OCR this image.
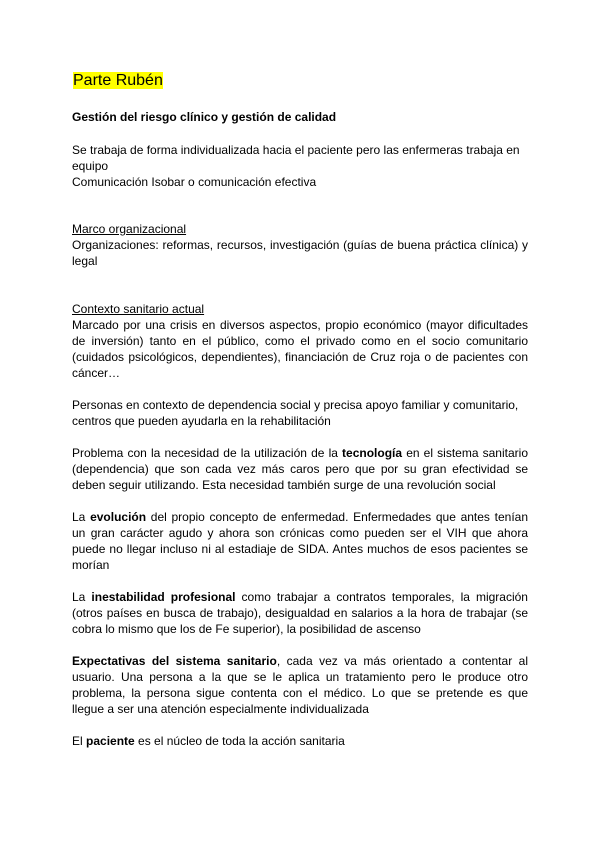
Parte Rubén

Gestión del riesgo clínico y gestión de calidad

Se trabaja de forma individualizada hacia el paciente pero las enfermeras trabaja en equipo
Comunicación Isobar o comunicación efectiva

Marco organizacional
Organizaciones: reformas, recursos, investigación (guías de buena práctica clínica) y legal

Contexto sanitario actual
Marcado por una crisis en diversos aspectos, propio económico (mayor dificultades de inversión) tanto en el público, como el privado como en el socio comunitario (cuidados psicológicos, dependientes), financiación de Cruz roja o de pacientes con cáncer…

Personas en contexto de dependencia social y precisa apoyo familiar y comunitario, centros que pueden ayudarla en la rehabilitación

Problema con la necesidad de la utilización de la tecnología en el sistema sanitario (dependencia) que son cada vez más caros pero que por su gran efectividad se deben seguir utilizando. Esta necesidad también surge de una revolución social

La evolución del propio concepto de enfermedad. Enfermedades que antes tenían un gran carácter agudo y ahora son crónicas como pueden ser el VIH que ahora puede no llegar incluso ni al estadiaje de SIDA. Antes muchos de esos pacientes se morían

La inestabilidad profesional como trabajar a contratos temporales, la migración (otros países en busca de trabajo), desigualdad en salarios a la hora de trabajar (se cobra lo mismo que los de Fe superior), la posibilidad de ascenso

Expectativas del sistema sanitario, cada vez va más orientado a contentar al usuario. Una persona a la que se le aplica un tratamiento pero le produce otro problema, la persona sigue contenta con el médico. Lo que se pretende es que llegue a ser una atención especialmente individualizada

El paciente es el núcleo de toda la acción sanitaria
